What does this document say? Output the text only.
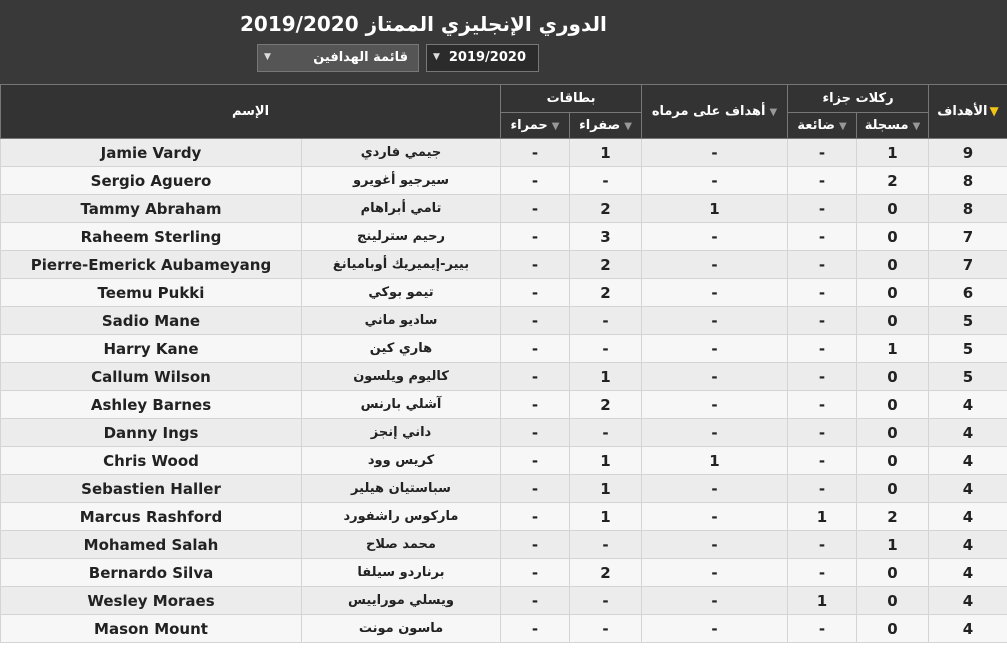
الدوري الإنجليزي الممتاز 2019/2020
▼	قائمة الهدافين	▼ 2019/2020
الإسم		بطاقات		أهداف على مرماه ▼	ركلات جزاء		الأهداف ▼
		حمراء ▼	صفراء ▼		ضائعة ▼	مسجلة ▼	
Jamie Vardy	جيمي فاردي	-	1	-	-	1	9
Sergio Aguero	سيرجيو أغويرو	-	-	-	-	2	8
Tammy Abraham	تامي أبراهام	-	2	1	-	0	8
Raheem Sterling	رحيم سترلينج	-	3	-	-	0	7
Pierre-Emerick Aubameyang	بيير-إيميريك أوباميانغ	-	2	-	-	0	7
Teemu Pukki	تيمو بوكي	-	2	-	-	0	6
Sadio Mane	ساديو ماني	-	-	-	-	0	5
Harry Kane	هاري كين	-	-	-	-	1	5
Callum Wilson	كاليوم ويلسون	-	1	-	-	0	5
Ashley Barnes	آشلي بارنس	-	2	-	-	0	4
Danny Ings	داني إنجز	-	-	-	-	0	4
Chris Wood	كريس وود	-	1	1	-	0	4
Sebastien Haller	سباستيان هيلير	-	1	-	-	0	4
Marcus Rashford	ماركوس راشفورد	-	1	-	1	2	4
Mohamed Salah	محمد صلاح	-	-	-	-	1	4
Bernardo Silva	برناردو سيلفا	-	2	-	-	0	4
Wesley Moraes	ويسلي موراييس	-	-	-	1	0	4
Mason Mount	ماسون مونت	-	-	-	-	0	4
